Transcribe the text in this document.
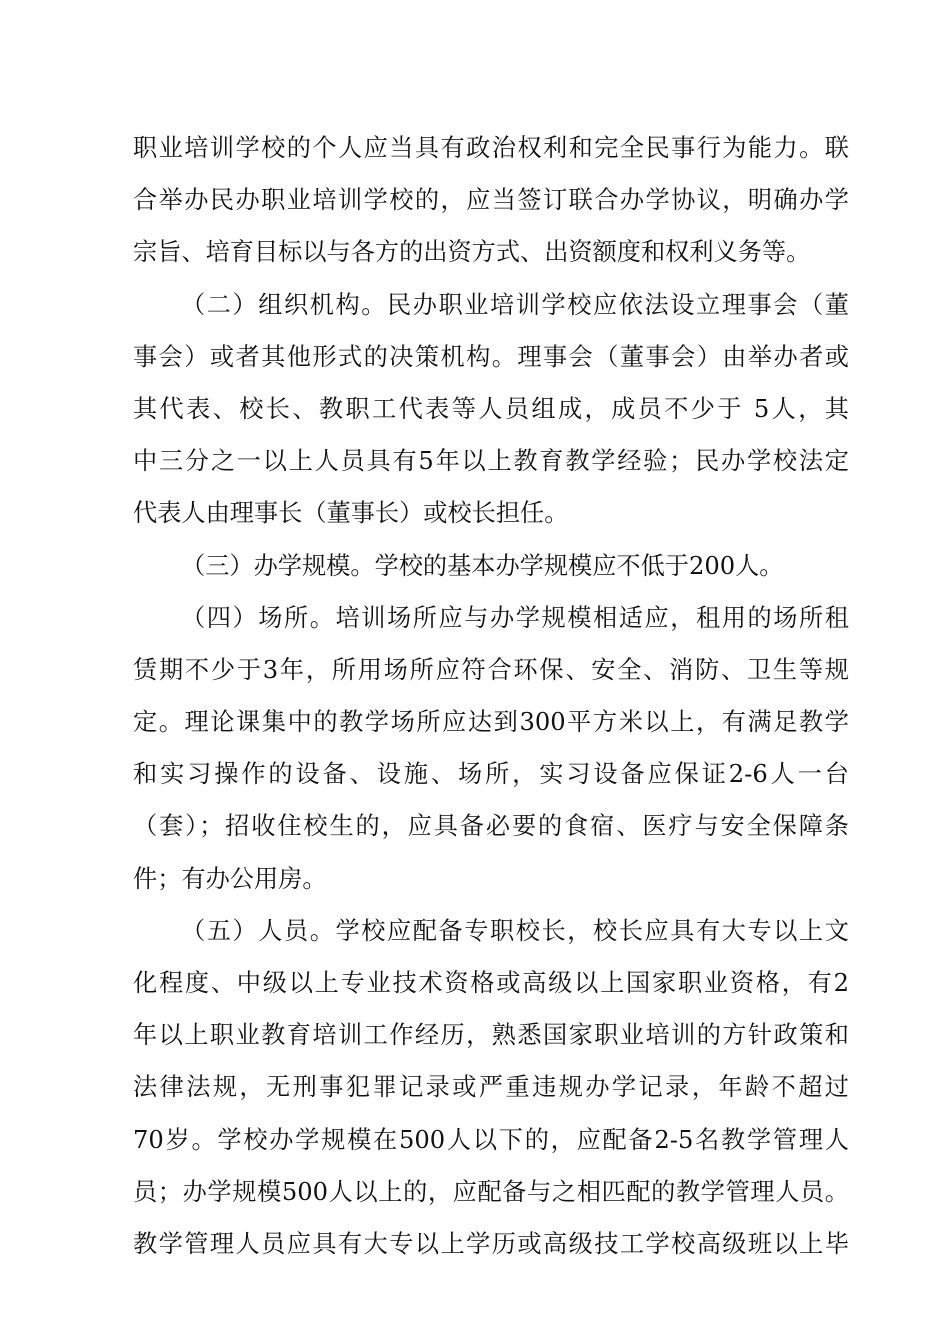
职业培训学校的个人应当具有政治权利和完全民事行为能力。联
合举办民办职业培训学校的，应当签订联合办学协议，明确办学
宗旨、培育目标以与各方的出资方式、出资额度和权利义务等。
（二）组织机构。民办职业培训学校应依法设立理事会（董
事会）或者其他形式的决策机构。理事会（董事会）由举办者或
其代表、校长、教职工代表等人员组成，成员不少于 5人，其
中三分之一以上人员具有5年以上教育教学经验；民办学校法定
代表人由理事长（董事长）或校长担任。
（三）办学规模。学校的基本办学规模应不低于200人。
（四）场所。培训场所应与办学规模相适应，租用的场所租
赁期不少于3年，所用场所应符合环保、安全、消防、卫生等规
定。理论课集中的教学场所应达到300平方米以上，有满足教学
和实习操作的设备、设施、场所，实习设备应保证2-6人一台
（套）；招收住校生的，应具备必要的食宿、医疗与安全保障条
件；有办公用房。
（五）人员。学校应配备专职校长，校长应具有大专以上文
化程度、中级以上专业技术资格或高级以上国家职业资格，有2
年以上职业教育培训工作经历，熟悉国家职业培训的方针政策和
法律法规，无刑事犯罪记录或严重违规办学记录，年龄不超过
70岁。学校办学规模在500人以下的，应配备2-5名教学管理人
员；办学规模500人以上的，应配备与之相匹配的教学管理人员。
教学管理人员应具有大专以上学历或高级技工学校高级班以上毕
